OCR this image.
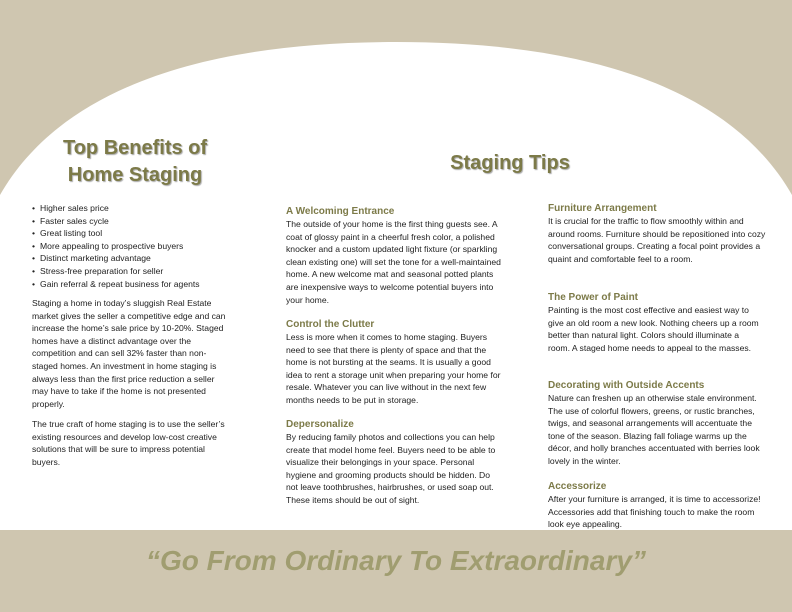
Top Benefits of
Home Staging
• Higher sales price
• Faster sales cycle
• Great listing tool
• More appealing to prospective buyers
• Distinct marketing advantage
• Stress-free preparation for seller
• Gain referral & repeat business for agents

Staging a home in today’s sluggish Real Estate market gives the seller a competitive edge and can increase the home’s sale price by 10-20%. Staged homes have a distinct advantage over the competition and can sell 32% faster than non-staged homes. An investment in home staging is always less than the first price reduction a seller may have to take if the home is not presented properly.

The true craft of home staging is to use the seller’s existing resources and develop low-cost creative solutions that will be sure to impress potential buyers.

Staging Tips
A Welcoming Entrance

The outside of your home is the first thing guests see. A coat of glossy paint in a cheerful fresh color, a polished knocker and a custom updated light fixture (or sparkling clean existing one) will set the tone for a well-maintained home. A new welcome mat and seasonal potted plants are inexpensive ways to welcome potential buyers into your home.

Control the Clutter

Less is more when it comes to home staging. Buyers need to see that there is plenty of space and that the home is not bursting at the seams. It is usually a good idea to rent a storage unit when preparing your home for resale. Whatever you can live without in the next few months needs to be put in storage.

Depersonalize

By reducing family photos and collections you can help create that model home feel. Buyers need to be able to visualize their belongings in your space. Personal hygiene and grooming products should be hidden. Do not leave toothbrushes, hairbrushes, or used soap out. These items should be out of sight.

Furniture Arrangement

It is crucial for the traffic to flow smoothly within and around rooms. Furniture should be repositioned into cozy conversational groups. Creating a focal point provides a quaint and comfortable feel to a room.

The Power of Paint

Painting is the most cost effective and easiest way to give an old room a new look. Nothing cheers up a room better than natural light. Colors should illuminate a room. A staged home needs to appeal to the masses.

Decorating with Outside Accents

Nature can freshen up an otherwise stale environment. The use of colorful flowers, greens, or rustic branches, twigs, and seasonal arrangements will accentuate the tone of the season. Blazing fall foliage warms up the décor, and holly branches accentuated with berries look lovely in the winter.

Accessorize

After your furniture is arranged, it is time to accessorize! Accessories add that finishing touch to make the room look eye appealing.

“Go From Ordinary To Extraordinary”
